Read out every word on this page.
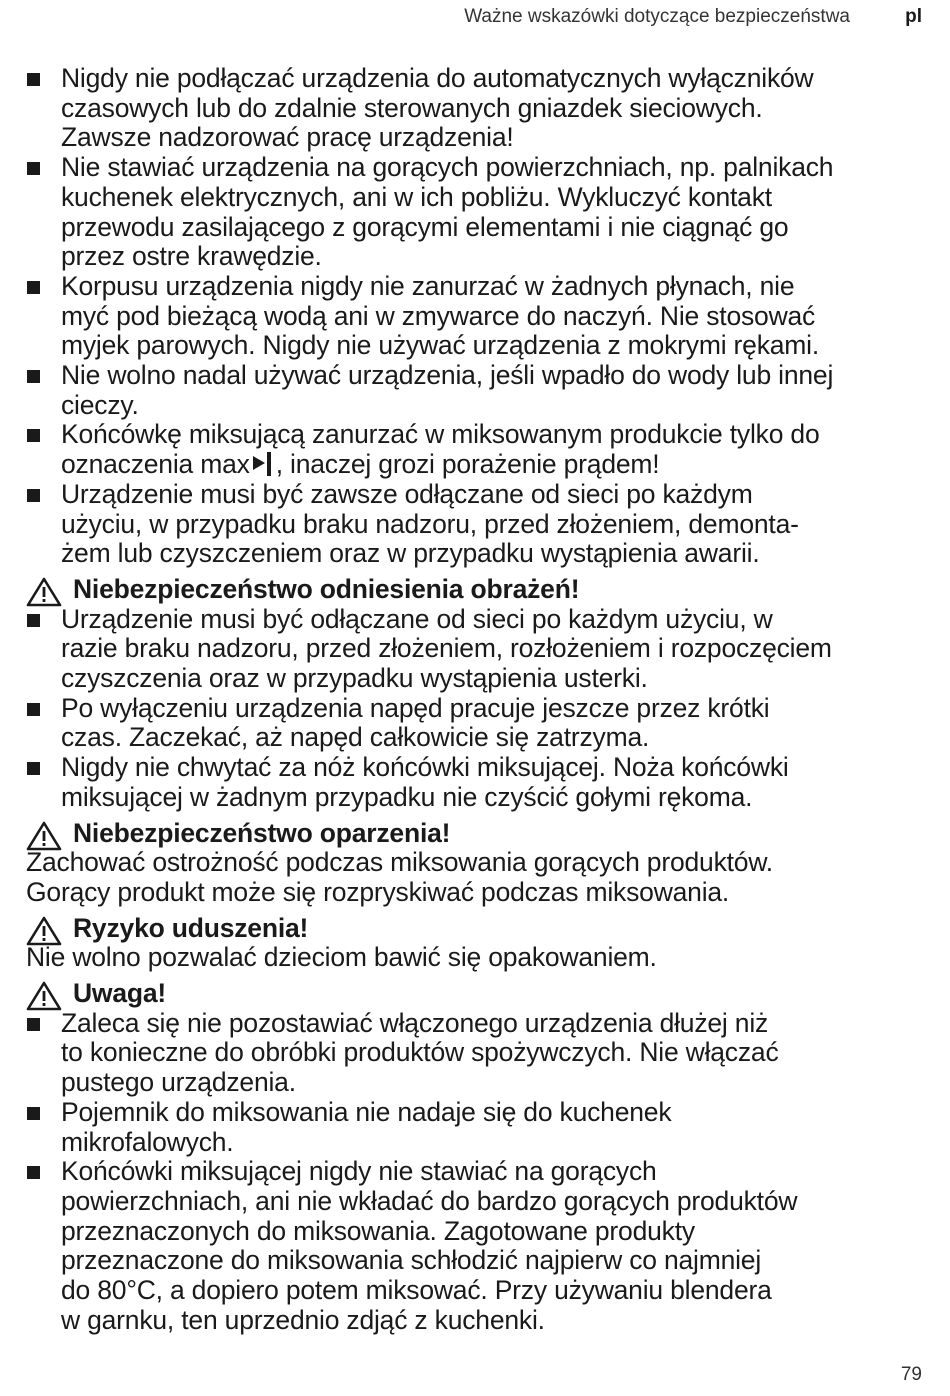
Ważne wskazówki dotyczące bezpieczeństwa	pl
Nigdy nie podłączać urządzenia do automatycznych wyłączników
czasowych lub do zdalnie sterowanych gniazdek sieciowych.
Zawsze nadzorować pracę urządzenia!
Nie stawiać urządzenia na gorących powierzchniach, np. palnikach
kuchenek elektrycznych, ani w ich pobliżu. Wykluczyć kontakt
przewodu zasilającego z gorącymi elementami i nie ciągnąć go
przez ostre krawędzie.
Korpusu urządzenia nigdy nie zanurzać w żadnych płynach, nie
myć pod bieżącą wodą ani w zmywarce do naczyń. Nie stosować
myjek parowych. Nigdy nie używać urządzenia z mokrymi rękami.
Nie wolno nadal używać urządzenia, jeśli wpadło do wody lub innej
cieczy.
Końcówkę miksującą zanurzać w miksowanym produkcie tylko do
oznaczenia max , inaczej grozi porażenie prądem!
Urządzenie musi być zawsze odłączane od sieci po każdym
użyciu, w przypadku braku nadzoru, przed złożeniem, demonta-
żem lub czyszczeniem oraz w przypadku wystąpienia awarii.
Niebezpieczeństwo odniesienia obrażeń!
Urządzenie musi być odłączane od sieci po każdym użyciu, w
razie braku nadzoru, przed złożeniem, rozłożeniem i rozpoczęciem
czyszczenia oraz w przypadku wystąpienia usterki.
Po wyłączeniu urządzenia napęd pracuje jeszcze przez krótki
czas. Zaczekać, aż napęd całkowicie się zatrzyma.
Nigdy nie chwytać za nóż końcówki miksującej. Noża końcówki
miksującej w żadnym przypadku nie czyścić gołymi rękoma.
Niebezpieczeństwo oparzenia!
Zachować ostrożność podczas miksowania gorących produktów.
Gorący produkt może się rozpryskiwać podczas miksowania.
Ryzyko uduszenia!
Nie wolno pozwalać dzieciom bawić się opakowaniem.
Uwaga!
Zaleca się nie pozostawiać włączonego urządzenia dłużej niż
to konieczne do obróbki produktów spożywczych. Nie włączać
pustego urządzenia.
Pojemnik do miksowania nie nadaje się do kuchenek
mikrofalowych.
Końcówki miksującej nigdy nie stawiać na gorących
powierzchniach, ani nie wkładać do bardzo gorących produktów
przeznaczonych do miksowania. Zagotowane produkty
przeznaczone do miksowania schłodzić najpierw co najmniej
do 80°C, a dopiero potem miksować. Przy używaniu blendera
w garnku, ten uprzednio zdjąć z kuchenki.
79
